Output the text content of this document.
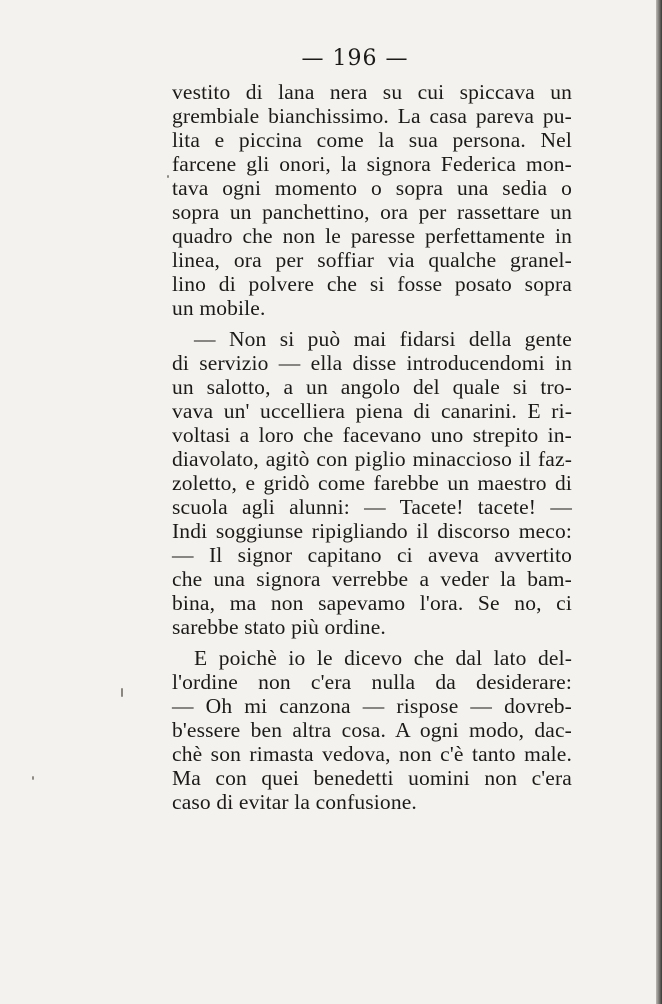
— 196 —
vestito di lana nera su cui spiccava un
grembiale bianchissimo. La casa pareva pu-
lita e piccina come la sua persona. Nel
farcene gli onori, la signora Federica mon-
tava ogni momento o sopra una sedia o
sopra un panchettino, ora per rassettare un
quadro che non le paresse perfettamente in
linea, ora per soffiar via qualche granel-
lino di polvere che si fosse posato sopra
un mobile.
— Non si può mai fidarsi della gente
di servizio — ella disse introducendomi in
un salotto, a un angolo del quale si tro-
vava un' uccelliera piena di canarini. E ri-
voltasi a loro che facevano uno strepito in-
diavolato, agitò con piglio minaccioso il faz-
zoletto, e gridò come farebbe un maestro di
scuola agli alunni: — Tacete! tacete! —
Indi soggiunse ripigliando il discorso meco:
— Il signor capitano ci aveva avvertito
che una signora verrebbe a veder la bam-
bina, ma non sapevamo l'ora. Se no, ci
sarebbe stato più ordine.
E poichè io le dicevo che dal lato del-
l'ordine non c'era nulla da desiderare:
— Oh mi canzona — rispose — dovreb-
b'essere ben altra cosa. A ogni modo, dac-
chè son rimasta vedova, non c'è tanto male.
Ma con quei benedetti uomini non c'era
caso di evitar la confusione.
